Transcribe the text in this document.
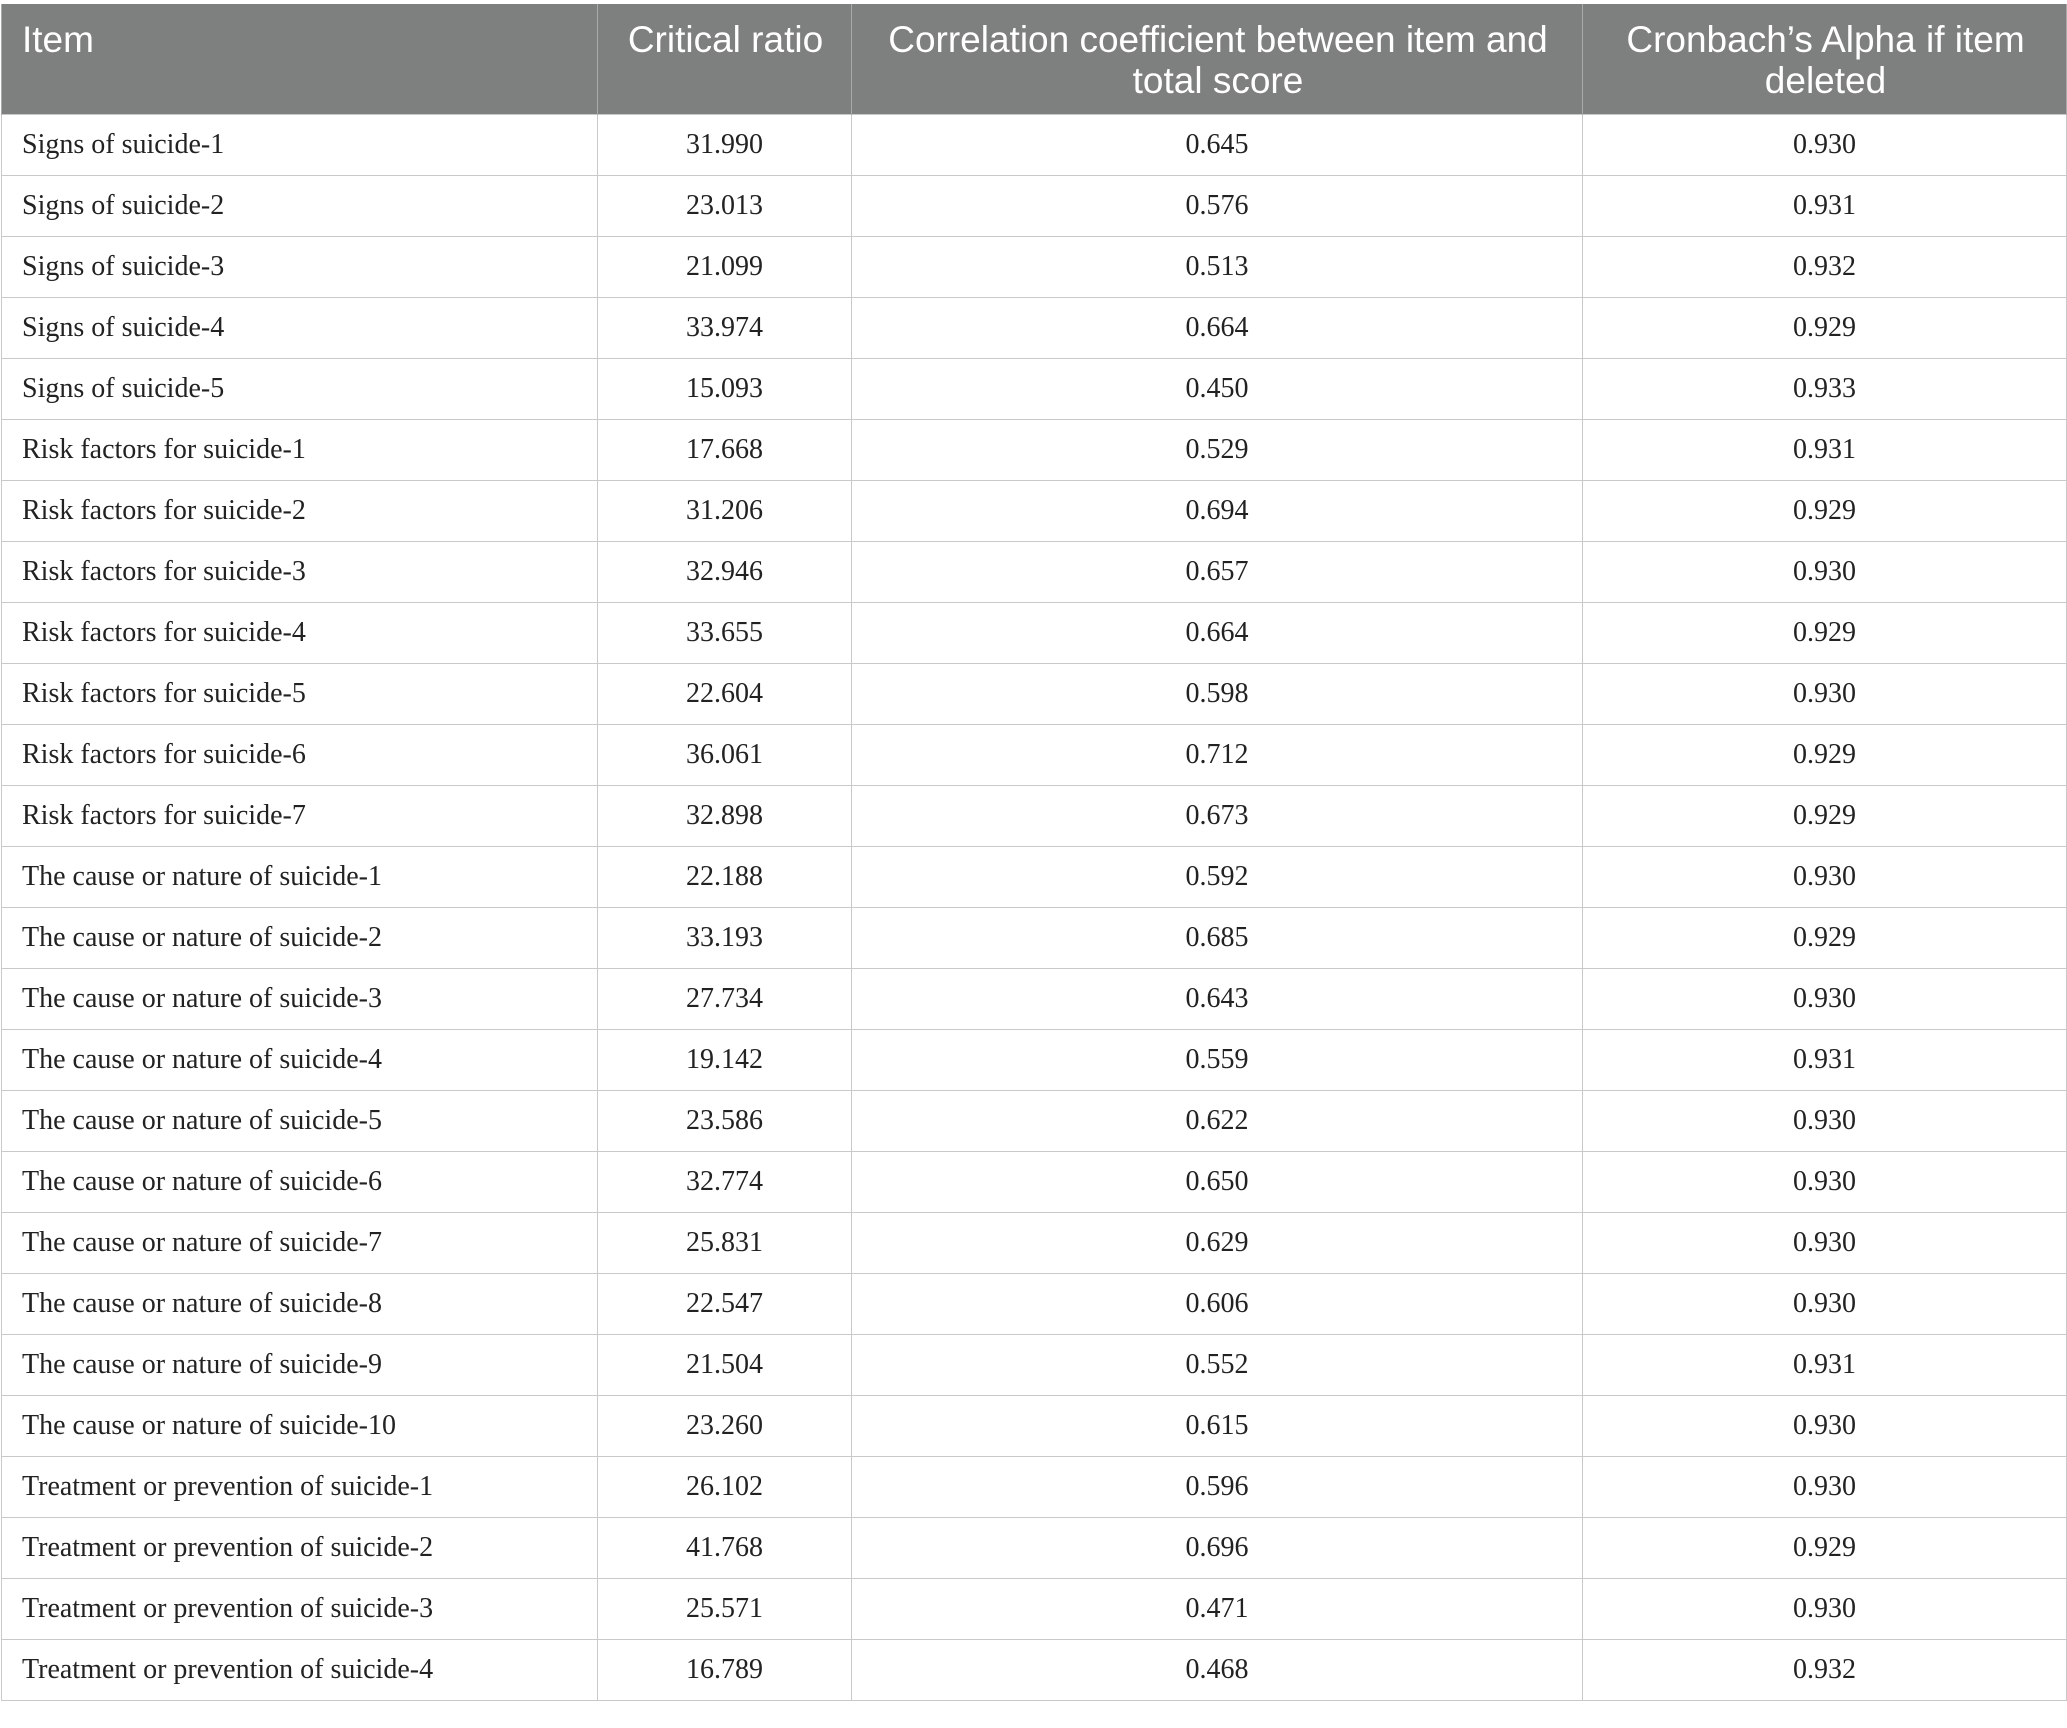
Item	Critical ratio	Correlation coefficient between item and total score	Cronbach’s Alpha if item deleted
Signs of suicide-1	31.990	0.645	0.930
Signs of suicide-2	23.013	0.576	0.931
Signs of suicide-3	21.099	0.513	0.932
Signs of suicide-4	33.974	0.664	0.929
Signs of suicide-5	15.093	0.450	0.933
Risk factors for suicide-1	17.668	0.529	0.931
Risk factors for suicide-2	31.206	0.694	0.929
Risk factors for suicide-3	32.946	0.657	0.930
Risk factors for suicide-4	33.655	0.664	0.929
Risk factors for suicide-5	22.604	0.598	0.930
Risk factors for suicide-6	36.061	0.712	0.929
Risk factors for suicide-7	32.898	0.673	0.929
The cause or nature of suicide-1	22.188	0.592	0.930
The cause or nature of suicide-2	33.193	0.685	0.929
The cause or nature of suicide-3	27.734	0.643	0.930
The cause or nature of suicide-4	19.142	0.559	0.931
The cause or nature of suicide-5	23.586	0.622	0.930
The cause or nature of suicide-6	32.774	0.650	0.930
The cause or nature of suicide-7	25.831	0.629	0.930
The cause or nature of suicide-8	22.547	0.606	0.930
The cause or nature of suicide-9	21.504	0.552	0.931
The cause or nature of suicide-10	23.260	0.615	0.930
Treatment or prevention of suicide-1	26.102	0.596	0.930
Treatment or prevention of suicide-2	41.768	0.696	0.929
Treatment or prevention of suicide-3	25.571	0.471	0.930
Treatment or prevention of suicide-4	16.789	0.468	0.932
